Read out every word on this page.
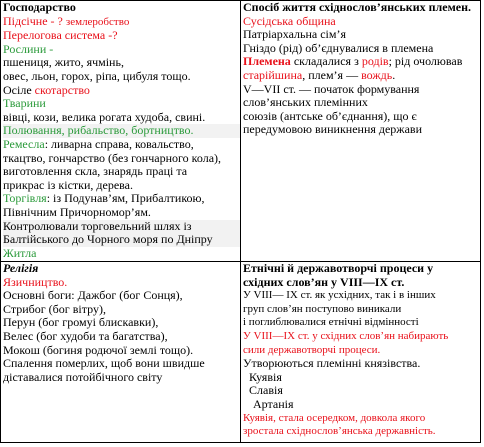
Господарство
Підсічне - ? землеробство
Перелогова система -?
Рослини -
пшениця, жито, ячмінь,
овес, льон, горох, ріпа, цибуля тощо.
Осіле скотарство
Тварини
вівці, кози, велика рогата худоба, свині.
Полювання, рибальство, бортництво.
Ремесла: ливарна справа, ковальство,
ткацтво, гончарство (без гончарного кола),
виготовлення скла, знарядь праці та
прикрас із кістки, дерева.
Торгівля: із Подунав’ям, Прибалтикою,
Північним Причорномор’ям.
Контролювали торговельний шлях із
Балтійського до Чорного моря по Дніпру
Житла
Спосіб життя східнослов’янських племен.
Сусідська община
Патріархальна сім’я
Гніздо (рід) об’єднувалися в племена
Племена складалися з родів; рід очолював
старійшина, плем’я — вождь.
V—VII ст. — початок формування
слов’янських племінних
союзів (антське об’єднання), що є
передумовою виникнення держави
Релігія
Язичництво.
Основні боги: Дажбог (бог Сонця),
Стрибог (бог вітру),
Перун (бог громуі блискавки),
Велес (бог худоби та багатства),
Мокош (богиня родючої землі тощо).
Спалення померлих, щоб вони швидше
діставалися потойбічного світу
Етнічні й державотворчі процеси у
східних слов’ян у VIII—IX ст.
У VIII— IX ст. як усхідних, так і в інших
груп слов’ян поступово виникали
і поглиблювалися етнічні відмінності
У VIII—IX ст. у східних слов’ян набирають
сили державотворчі процеси.
Утворюються племінні князівства.
Куявія
Славія
Артанія
Куявія, стала осередком, довкола якого
зростала східнослов’янська державність.
